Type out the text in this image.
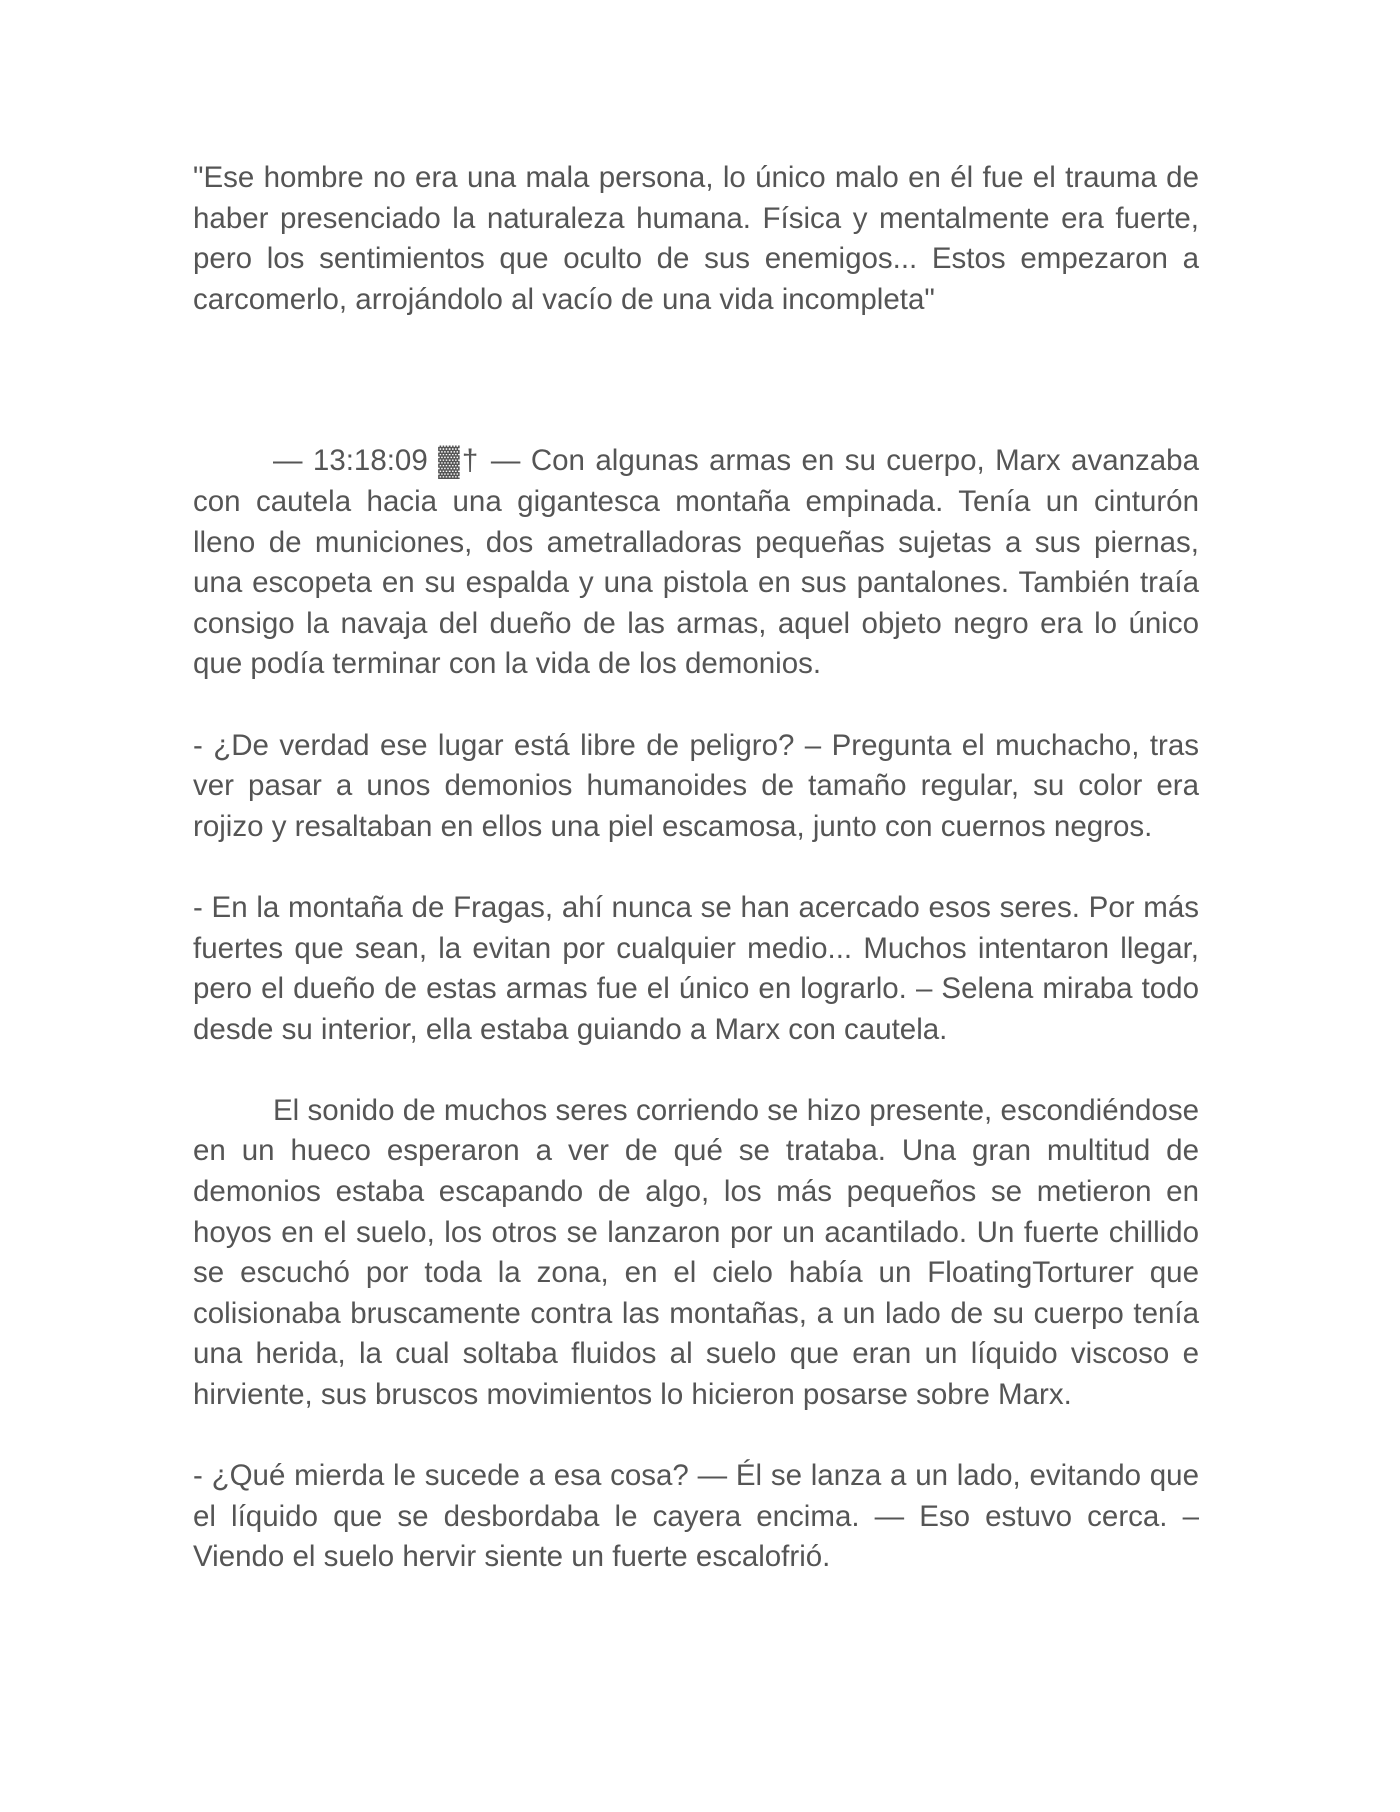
"Ese hombre no era una mala persona, lo único malo en él fue el trauma de haber presenciado la naturaleza humana. Física y mentalmente era fuerte, pero los sentimientos que oculto de sus enemigos... Estos empezaron a carcomerlo, arrojándolo al vacío de una vida incompleta"

— 13:18:09 ▓† — Con algunas armas en su cuerpo, Marx avanzaba con cautela hacia una gigantesca montaña empinada. Tenía un cinturón lleno de municiones, dos ametralladoras pequeñas sujetas a sus piernas, una escopeta en su espalda y una pistola en sus pantalones. También traía consigo la navaja del dueño de las armas, aquel objeto negro era lo único que podía terminar con la vida de los demonios.

- ¿De verdad ese lugar está libre de peligro? – Pregunta el muchacho, tras ver pasar a unos demonios humanoides de tamaño regular, su color era rojizo y resaltaban en ellos una piel escamosa, junto con cuernos negros.

- En la montaña de Fragas, ahí nunca se han acercado esos seres. Por más fuertes que sean, la evitan por cualquier medio... Muchos intentaron llegar, pero el dueño de estas armas fue el único en lograrlo. – Selena miraba todo desde su interior, ella estaba guiando a Marx con cautela.

El sonido de muchos seres corriendo se hizo presente, escondiéndose en un hueco esperaron a ver de qué se trataba. Una gran multitud de demonios estaba escapando de algo, los más pequeños se metieron en hoyos en el suelo, los otros se lanzaron por un acantilado. Un fuerte chillido se escuchó por toda la zona, en el cielo había un FloatingTorturer que colisionaba bruscamente contra las montañas, a un lado de su cuerpo tenía una herida, la cual soltaba fluidos al suelo que eran un líquido viscoso e hirviente, sus bruscos movimientos lo hicieron posarse sobre Marx.

- ¿Qué mierda le sucede a esa cosa? — Él se lanza a un lado, evitando que el líquido que se desbordaba le cayera encima. — Eso estuvo cerca. – Viendo el suelo hervir siente un fuerte escalofrió.
